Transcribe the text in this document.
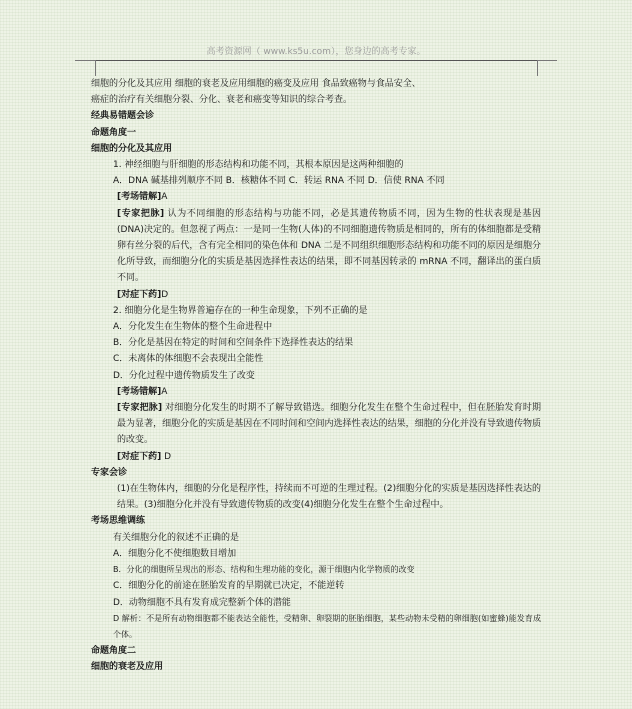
高考资源网（ www.ks5u.com），您身边的高考专家。

细胞的分化及其应用 细胞的衰老及应用细胞的癌变及应用 食品致癌物与食品安全、

癌症的治疗有关细胞分裂、分化、衰老和癌变等知识的综合考查。

经典易错题会诊

命题角度一

细胞的分化及其应用

1. 神经细胞与肝细胞的形态结构和功能不同，其根本原因是这两种细胞的

A．DNA 碱基排列顺序不同 B．核糖体不同 C．转运 RNA 不同 D．信使 RNA 不同

[考场错解]A

[专家把脉] 认为不同细胞的形态结构与功能不同，必是其遗传物质不同，因为生物的性状表现是基因(DNA)决定的。但忽视了两点：一是同一生物(人体)的不同细胞遗传物质是相同的，所有的体细胞都是受精卵有丝分裂的后代，含有完全相同的染色体和 DNA 二是不同组织细胞形态结构和功能不同的原因是细胞分化所导致，而细胞分化的实质是基因选择性表达的结果，即不同基因转录的 mRNA 不同，翻译出的蛋白质不同。

[对症下药]D

2. 细胞分化是生物界普遍存在的一种生命现象，下列不正确的是

A．分化发生在生物体的整个生命进程中

B．分化是基因在特定的时间和空间条件下选择性表达的结果

C．未离体的体细胞不会表现出全能性

D．分化过程中遗传物质发生了改变

[考场错解]A

[专家把脉] 对细胞分化发生的时期不了解导致错选。细胞分化发生在整个生命过程中，但在胚胎发育时期最为显著，细胞分化的实质是基因在不同时间和空间内选择性表达的结果，细胞的分化并没有导致遗传物质的改变。

[对症下药] D

专家会诊

(1)在生物体内，细胞的分化是程序性，持续而不可逆的生理过程。(2)细胞分化的实质是基因选择性表达的结果。(3)细胞分化并没有导致遗传物质的改变(4)细胞分化发生在整个生命过程中。

考场思维调练

有关细胞分化的叙述不正确的是

A．细胞分化不使细胞数目增加

B．分化的细胞所呈现出的形态、结构和生理功能的变化，源于细胞内化学物质的改变

C．细胞分化的前途在胚胎发育的早期就已决定，不能逆转

D．动物细胞不具有发育成完整新个体的潜能

D 解析：不是所有动物细胞都不能表达全能性，受精卵、卵裂期的胚胎细胞，某些动物未受精的卵细胞(如蜜蜂)能发育成个体。

命题角度二

细胞的衰老及应用
